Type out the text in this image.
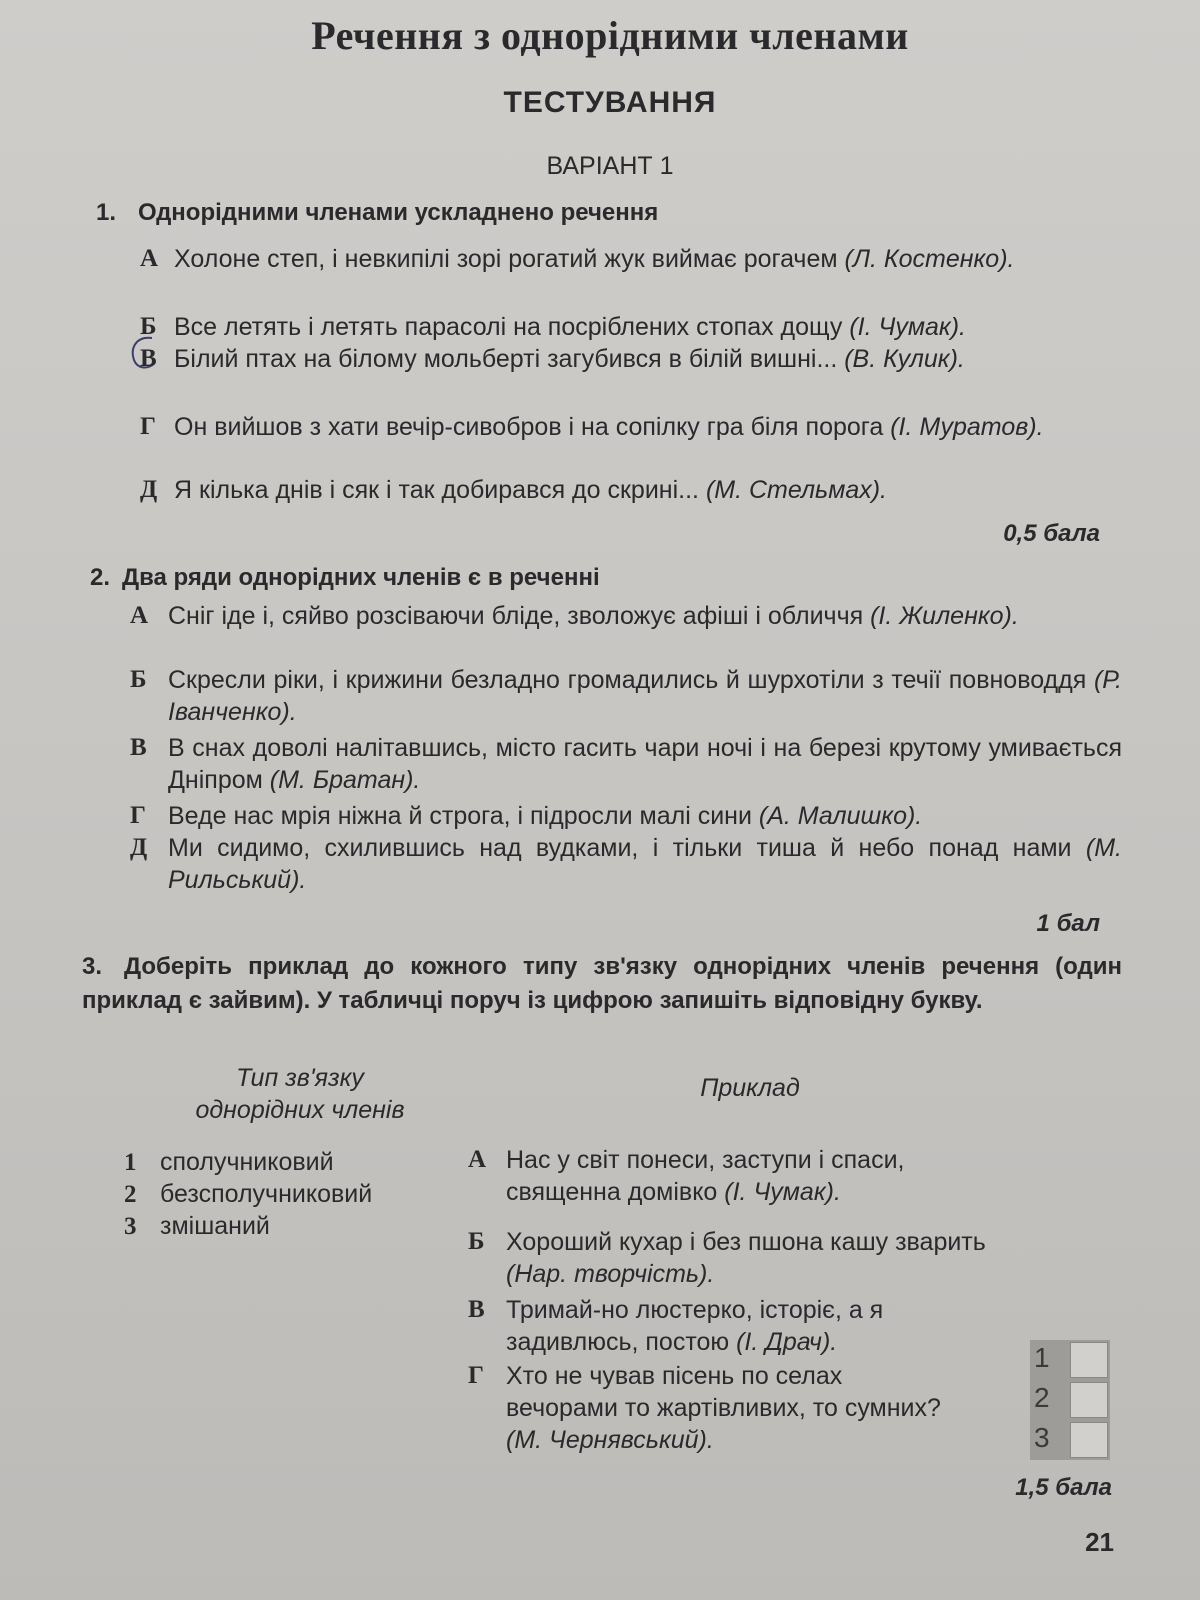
Речення з однорідними членами
ТЕСТУВАННЯ
ВАРІАНТ 1
1. Однорідними членами ускладнено речення
А Холоне степ, і невкипілі зорі рогатий жук виймає рогачем (Л. Костенко).
Б Все летять і летять парасолі на посріблених стопах дощу (І. Чумак).
В Білий птах на білому мольберті загубився в білій вишні... (В. Кулик).
Г Он вийшов з хати вечір-сивобров і на сопілку гра біля порога (І. Муратов).
Д Я кілька днів і сяк і так добирався до скрині... (М. Стельмах).
0,5 бала
2. Два ряди однорідних членів є в реченні
А Сніг іде і, сяйво розсіваючи бліде, зволожує афіші і обличчя (І. Жиленко).
Б Скресли ріки, і крижини безладно громадились й шурхотіли з течії повноводдя (Р. Іванченко).
В В снах доволі налітавшись, місто гасить чари ночі і на березі крутому умивається Дніпром (М. Братан).
Г Веде нас мрія ніжна й строга, і підросли малі сини (А. Малишко).
Д Ми сидимо, схилившись над вудками, і тільки тиша й небо понад нами (М. Рильський).
1 бал
3. Доберіть приклад до кожного типу зв'язку однорідних членів речення (один приклад є зайвим). У табличці поруч із цифрою запишіть відповідну букву.
Тип зв'язку
однорідних членів
Приклад
1 сполучниковий
2 безсполучниковий
3 змішаний
А Нас у світ понеси, заступи і спаси, священна домівко (І. Чумак).
Б Хороший кухар і без пшона кашу зварить (Нар. творчість).
В Тримай-но люстерко, історіє, а я задивлюсь, постою (І. Драч).
Г Хто не чував пісень по селах вечорами то жартівливих, то сумних? (М. Чернявський).
1
2
3
1,5 бала
21
